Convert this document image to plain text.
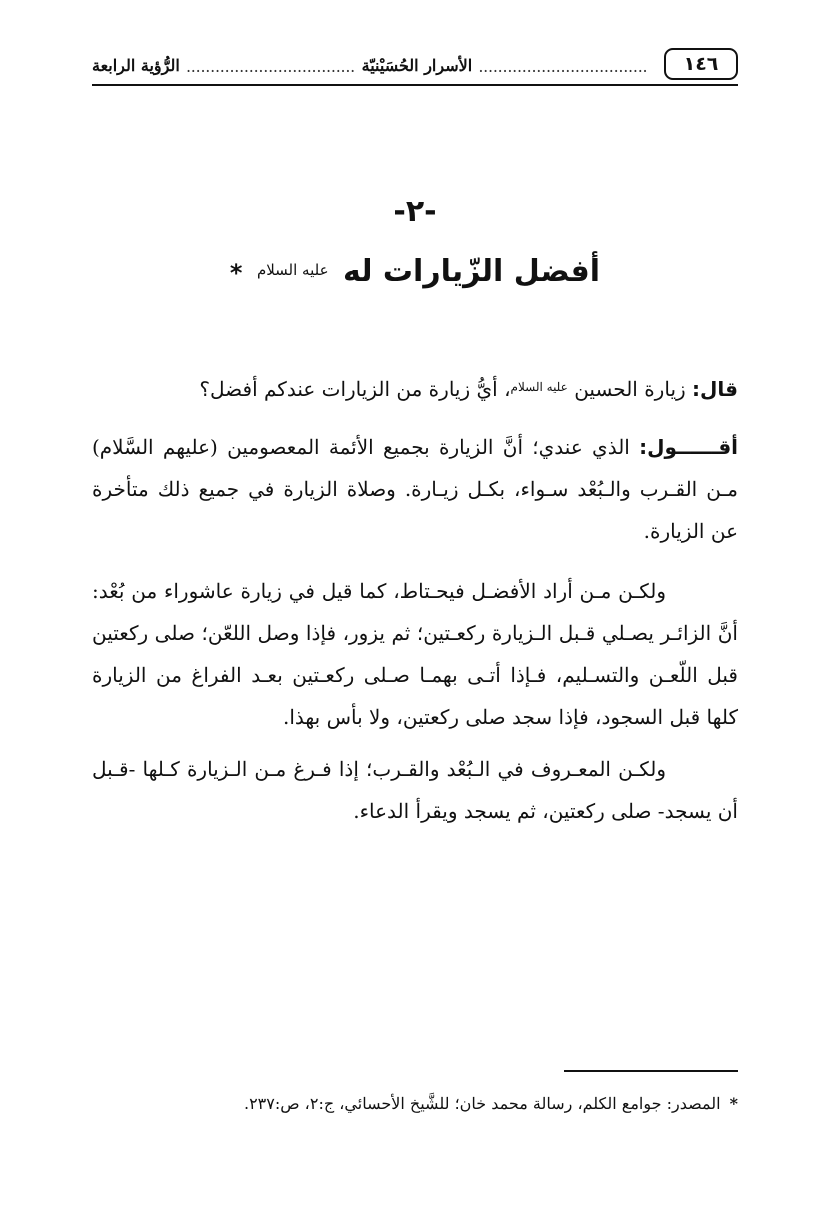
١٤٦
.....
الأسرار الحُسَيْنيّة
.....
الرُّؤية الرابعة
-٢-
أفضل الزّيارات له $^{عليه السلام}$ *

قال: زيارة الحسين $^{عليه السلام}$، أيُّ زيارة من الزيارات عندكم أفضل؟

أقــــــول: الذي عندي؛ أنَّ الزيارة بجميع الأئمة المعصومين (عليهم السَّلام) مـن القـرب والـبُعْد سـواء، بكـل زيـارة. وصلاة الزيارة في جميع ذلك متأخرة عن الزيارة.

ولكـن مـن أراد الأفضـل فيحـتاط، كما قيل في زيارة عاشوراء من بُعْد: أنَّ الزائـر يصـلي قـبل الـزيارة ركعـتين؛ ثم يزور، فإذا وصل اللعّن؛ صلى ركعتين قبل اللّعـن والتسـليم، فـإذا أتـى بهمـا صـلى ركعـتين بعـد الفراغ من الزيارة كلها قبل السجود، فإذا سجد صلى ركعتين، ولا بأس بهذا.

ولكـن المعـروف في الـبُعْد والقـرب؛ إذا فـرغ مـن الـزيارة كـلها -قـبل أن يسجد- صلى ركعتين، ثم يسجد ويقرأ الدعاء.

* المصدر: جوامع الكلم، رسالة محمد خان؛ للشَّيخ الأحسائي، ج:٢، ص:٢٣٧.
